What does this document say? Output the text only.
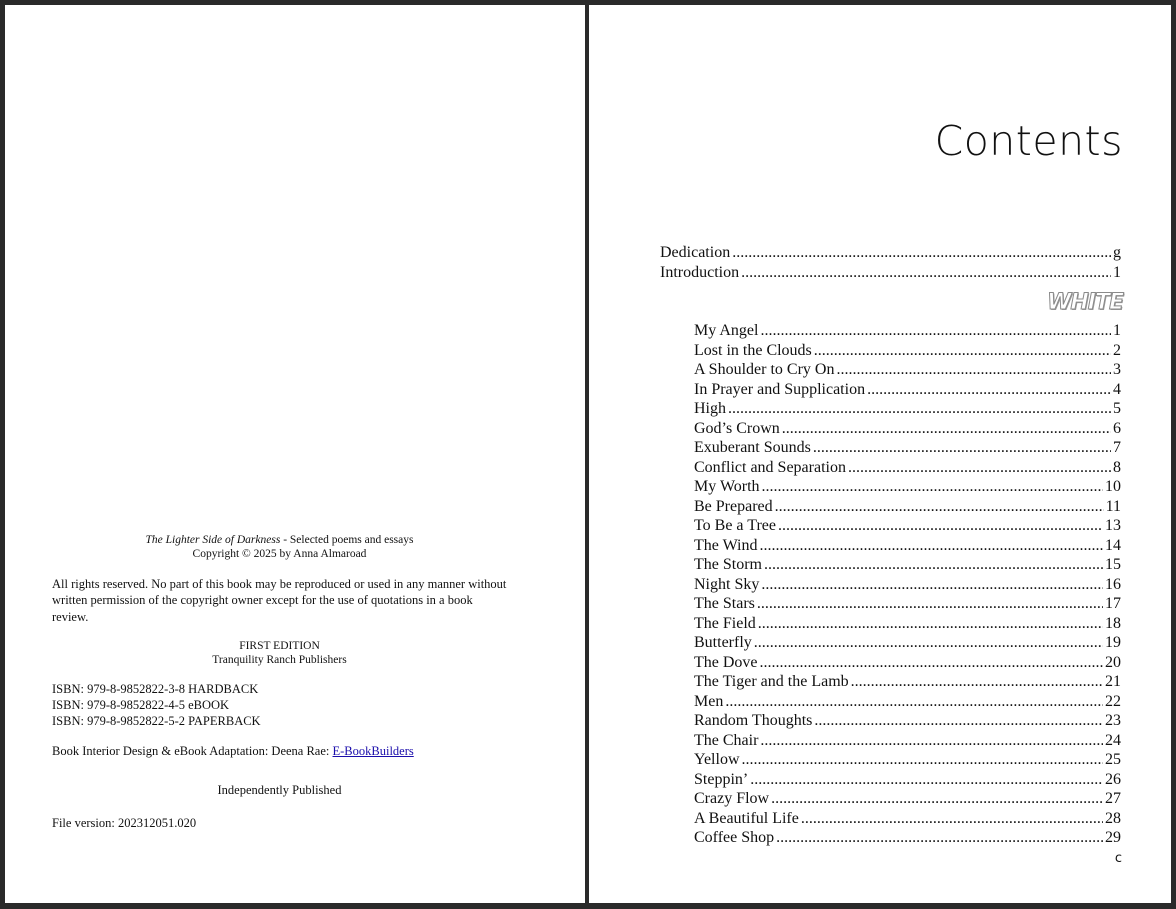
The Lighter Side of Darkness - Selected poems and essays
Copyright © 2025 by Anna Almaroad
All rights reserved. No part of this book may be reproduced or used in any manner without written permission of the copyright owner except for the use of quotations in a book review.
FIRST EDITION
Tranquility Ranch Publishers
ISBN: 979-8-9852822-3-8 HARDBACK
ISBN: 979-8-9852822-4-5 eBOOK
ISBN: 979-8-9852822-5-2 PAPERBACK
Book Interior Design & eBook Adaptation: Deena Rae: E-BookBuilders
Independently Published
File version: 202312051.020
Contents
Dedication .....	g
Introduction .....	1
WHITE
My Angel .....	1
Lost in the Clouds .....	2
A Shoulder to Cry On .....	3
In Prayer and Supplication .....	4
High .....	5
God’s Crown .....	6
Exuberant Sounds .....	7
Conflict and Separation .....	8
My Worth .....	10
Be Prepared .....	11
To Be a Tree .....	13
The Wind .....	14
The Storm .....	15
Night Sky .....	16
The Stars .....	17
The Field .....	18
Butterfly .....	19
The Dove .....	20
The Tiger and the Lamb .....	21
Men .....	22
Random Thoughts .....	23
The Chair .....	24
Yellow .....	25
Steppin’ .....	26
Crazy Flow .....	27
A Beautiful Life .....	28
Coffee Shop .....	29
c
